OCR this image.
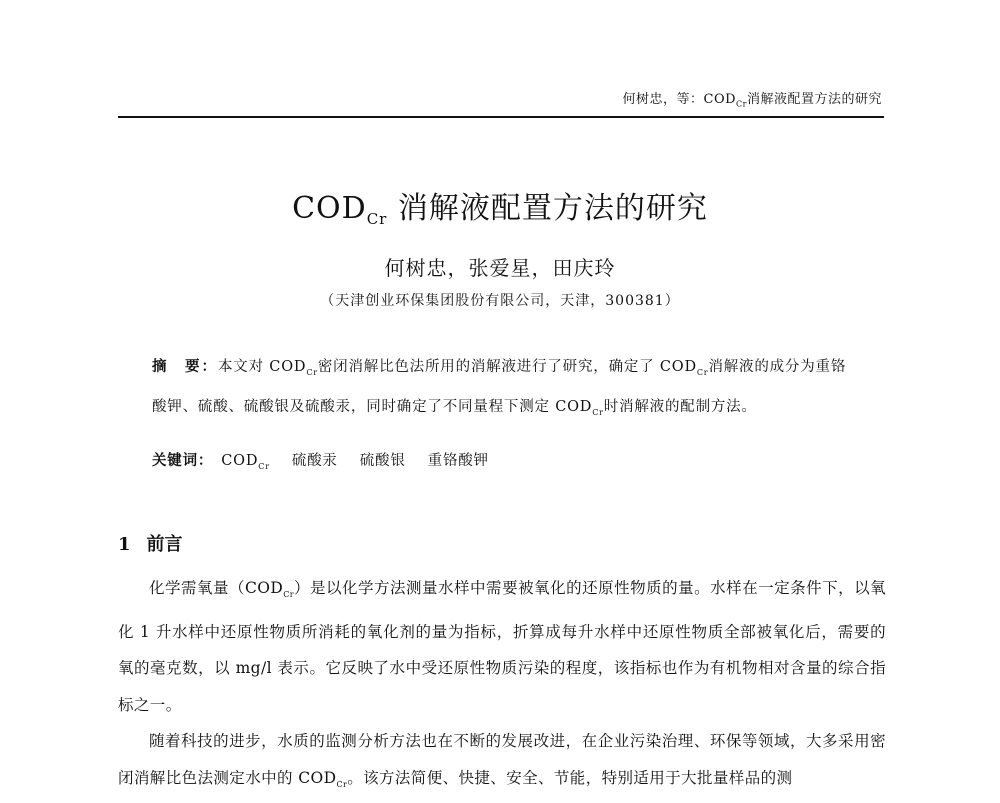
何树忠，等：$COD_{Cr}$消解液配置方法的研究
$COD_{Cr}$ 消解液配置方法的研究
何树忠，张爱星，田庆玲
（天津创业环保集团股份有限公司，天津，300381）
摘　要：本文对 $COD_{Cr}$密闭消解比色法所用的消解液进行了研究，确定了 $COD_{Cr}$消解液的成分为重铬酸钾、硫酸、硫酸银及硫酸汞，同时确定了不同量程下测定 $COD_{Cr}$时消解液的配制方法。
关键词：　 $COD_{Cr}$ 硫酸汞 硫酸银 重铬酸钾
1 前言

化学需氧量$(COD_{Cr})$是以化学方法测量水样中需要被氧化的还原性物质的量。水样在一定条件下，以氧化 1 升水样中还原性物质所消耗的氧化剂的量为指标，折算成每升水样中还原性物质全部被氧化后，需要的氧的毫克数，以 mg/l 表示。它反映了水中受还原性物质污染的程度，该指标也作为有机物相对含量的综合指标之一。

随着科技的进步，水质的监测分析方法也在不断的发展改进，在企业污染治理、环保等领域，大多采用密闭消解比色法测定水中的 $COD_{Cr}$。该方法简便、快捷、安全、节能，特别适用于大批量样品的测
